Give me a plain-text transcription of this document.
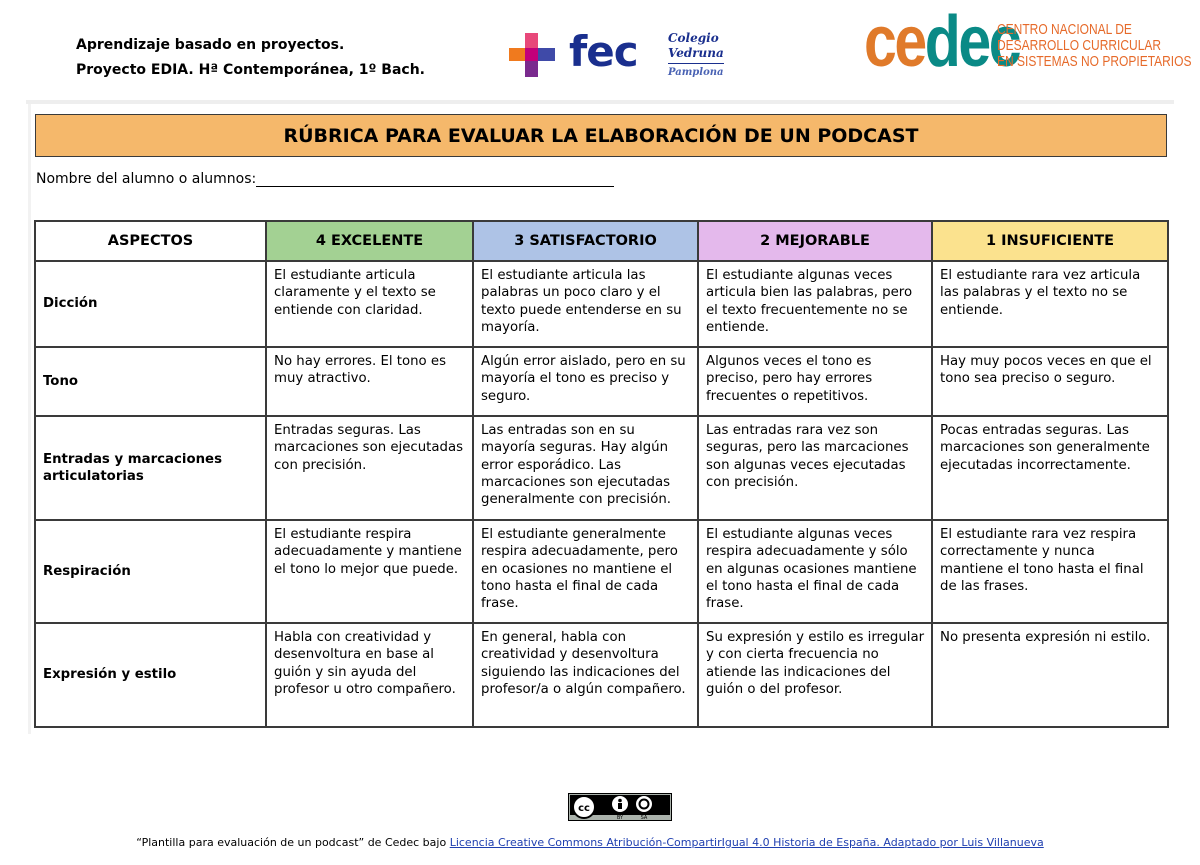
Aprendizaje basado en proyectos.
Proyecto EDIA. Hª Contemporánea, 1º Bach.	fec	Colegio
Vedruna
Pamplona cedec
CENTRO NACIONAL DE
DESARROLLO CURRICULAR
EN SISTEMAS NO PROPIETARIOS
RÚBRICA PARA EVALUAR LA ELABORACIÓN DE UN PODCAST
Nombre del alumno o alumnos:
ASPECTOS	4 EXCELENTE	3 SATISFACTORIO	2 MEJORABLE	1 INSUFICIENTE
Dicción	El estudiante articula claramente y el texto se entiende con claridad.	El estudiante articula las palabras un poco claro y el texto puede entenderse en su mayoría.	El estudiante algunas veces articula bien las palabras, pero el texto frecuentemente no se entiende.	El estudiante rara vez articula las palabras y el texto no se entiende.
Tono	No hay errores. El tono es muy atractivo.	Algún error aislado, pero en su mayoría el tono es preciso y seguro.	Algunos veces el tono es preciso, pero hay errores frecuentes o repetitivos.	Hay muy pocos veces en que el tono sea preciso o seguro.
Entradas y marcaciones articulatorias	Entradas seguras. Las marcaciones son ejecutadas con precisión.	Las entradas son en su mayoría seguras. Hay algún error esporádico. Las marcaciones son ejecutadas generalmente con precisión.	Las entradas rara vez son seguras, pero las marcaciones son algunas veces ejecutadas con precisión.	Pocas entradas seguras. Las marcaciones son generalmente ejecutadas incorrectamente.
Respiración	El estudiante respira adecuadamente y mantiene el tono lo mejor que puede.	El estudiante generalmente respira adecuadamente, pero en ocasiones no mantiene el tono hasta el final de cada frase.	El estudiante algunas veces respira adecuadamente y sólo en algunas ocasiones mantiene el tono hasta el final de cada frase.	El estudiante rara vez respira correctamente y nunca mantiene el tono hasta el final de las frases.
Expresión y estilo	Habla con creatividad y desenvoltura en base al guión y sin ayuda del profesor u otro compañero.	En general, habla con creatividad y desenvoltura siguiendo las indicaciones del profesor/a o algún compañero.	Su expresión y estilo es irregular y con cierta frecuencia no atiende las indicaciones del guión o del profesor.	No presenta expresión ni estilo.
cc
BY	SA
“Plantilla para evaluación de un podcast” de Cedec bajo Licencia Creative Commons Atribución-CompartirIgual 4.0 Historia de España. Adaptado por Luis Villanueva
